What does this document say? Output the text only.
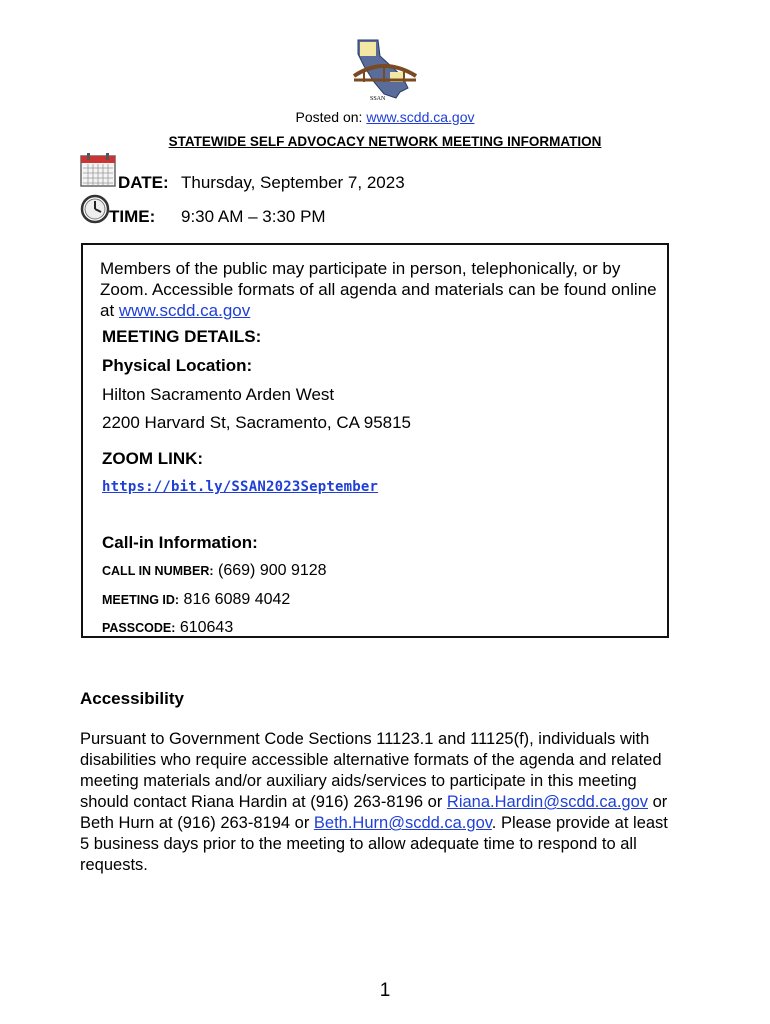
SSAN
Posted on: www.scdd.ca.gov
STATEWIDE SELF ADVOCACY NETWORK MEETING INFORMATION
DATE: Thursday, September 7, 2023
TIME: 9:30 AM – 3:30 PM
Members of the public may participate in person, telephonically, or by Zoom. Accessible formats of all agenda and materials can be found online at www.scdd.ca.gov
MEETING DETAILS:
Physical Location:
Hilton Sacramento Arden West
2200 Harvard St, Sacramento, CA 95815
ZOOM LINK:
https://bit.ly/SSAN2023September
Call-in Information:
CALL IN NUMBER: (669) 900 9128
MEETING ID: 816 6089 4042
PASSCODE: 610643
Accessibility
Pursuant to Government Code Sections 11123.1 and 11125(f), individuals with disabilities who require accessible alternative formats of the agenda and related meeting materials and/or auxiliary aids/services to participate in this meeting should contact Riana Hardin at (916) 263-8196 or Riana.Hardin@scdd.ca.gov or Beth Hurn at (916) 263-8194 or Beth.Hurn@scdd.ca.gov. Please provide at least 5 business days prior to the meeting to allow adequate time to respond to all requests.
1
